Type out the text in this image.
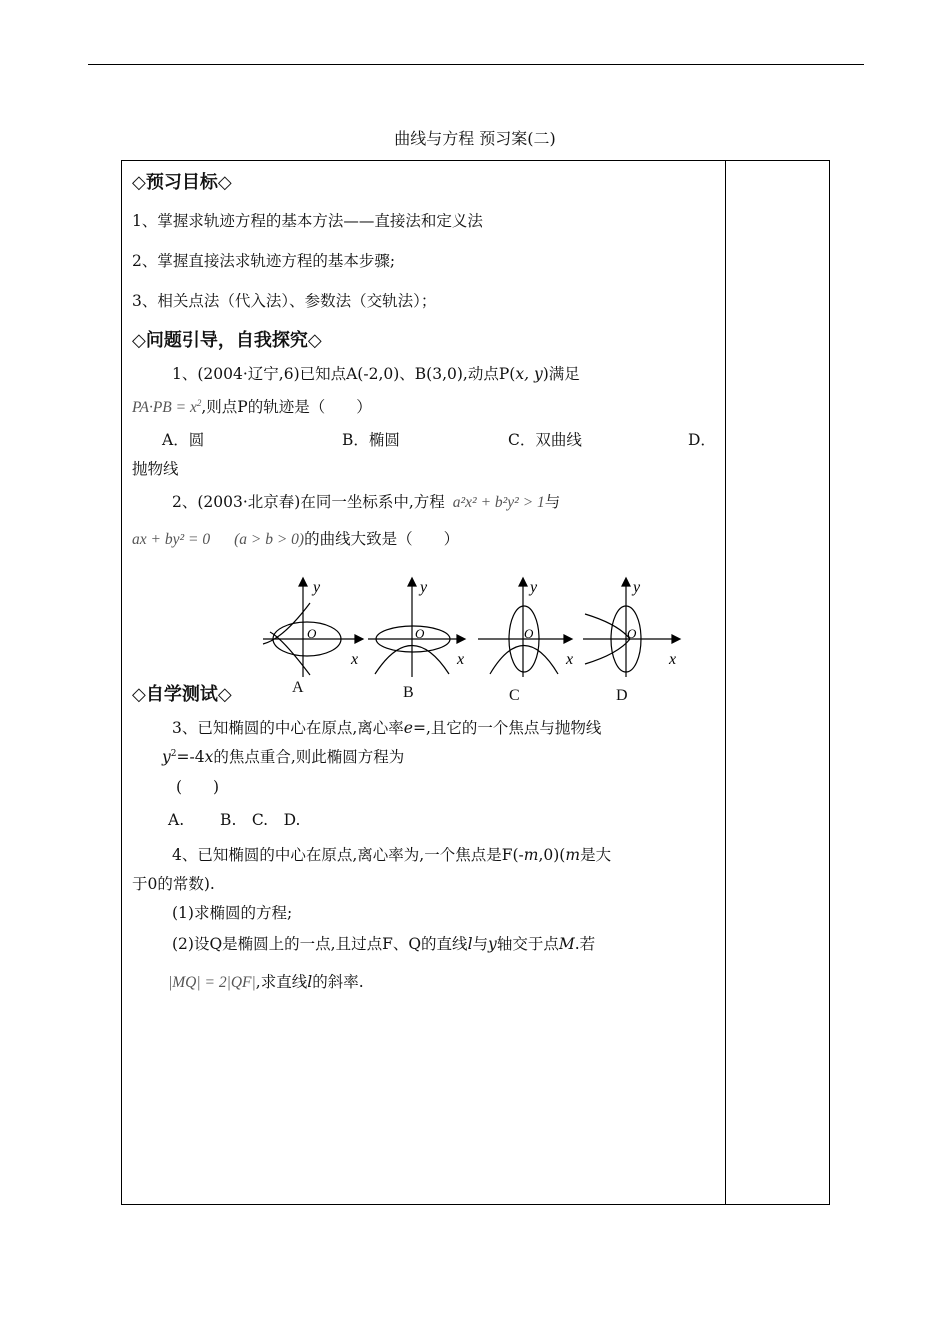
曲线与方程 预习案(二)
◇预习目标◇
1、掌握求轨迹方程的基本方法——直接法和定义法
2、掌握直接法求轨迹方程的基本步骤;
3、相关点法（代入法）、参数法（交轨法）；
◇问题引导，自我探究◇
1、(2004·辽宁,6)已知点A(-2,0)、B(3,0),动点P(x, y)满足
$PA\cdot PB = x^2$,则点P的轨迹是（　　）
A．圆	B．椭圆	C．双曲线	D．
抛物线
2、(2003·北京春)在同一坐标系中,方程 a²x² + b²y² > 1与
ax + by² = 0 (a > b > 0)的曲线大致是（　　）
y
x
O
y
x
O
y
x
O
y
x
O
A	B	C	D
◇自学测试◇
3、已知椭圆的中心在原点,离心率e=,且它的一个焦点与抛物线
$y^2=-4x$的焦点重合,则此椭圆方程为
(　　)
A.　　 B.　C.　D.
4、已知椭圆的中心在原点,离心率为,一个焦点是F(-m,0)(m是大
于0的常数).
(1)求椭圆的方程;
(2)设Q是椭圆上的一点,且过点F、Q的直线l与y轴交于点M.若
|MQ| = 2|QF|,求直线l的斜率.
